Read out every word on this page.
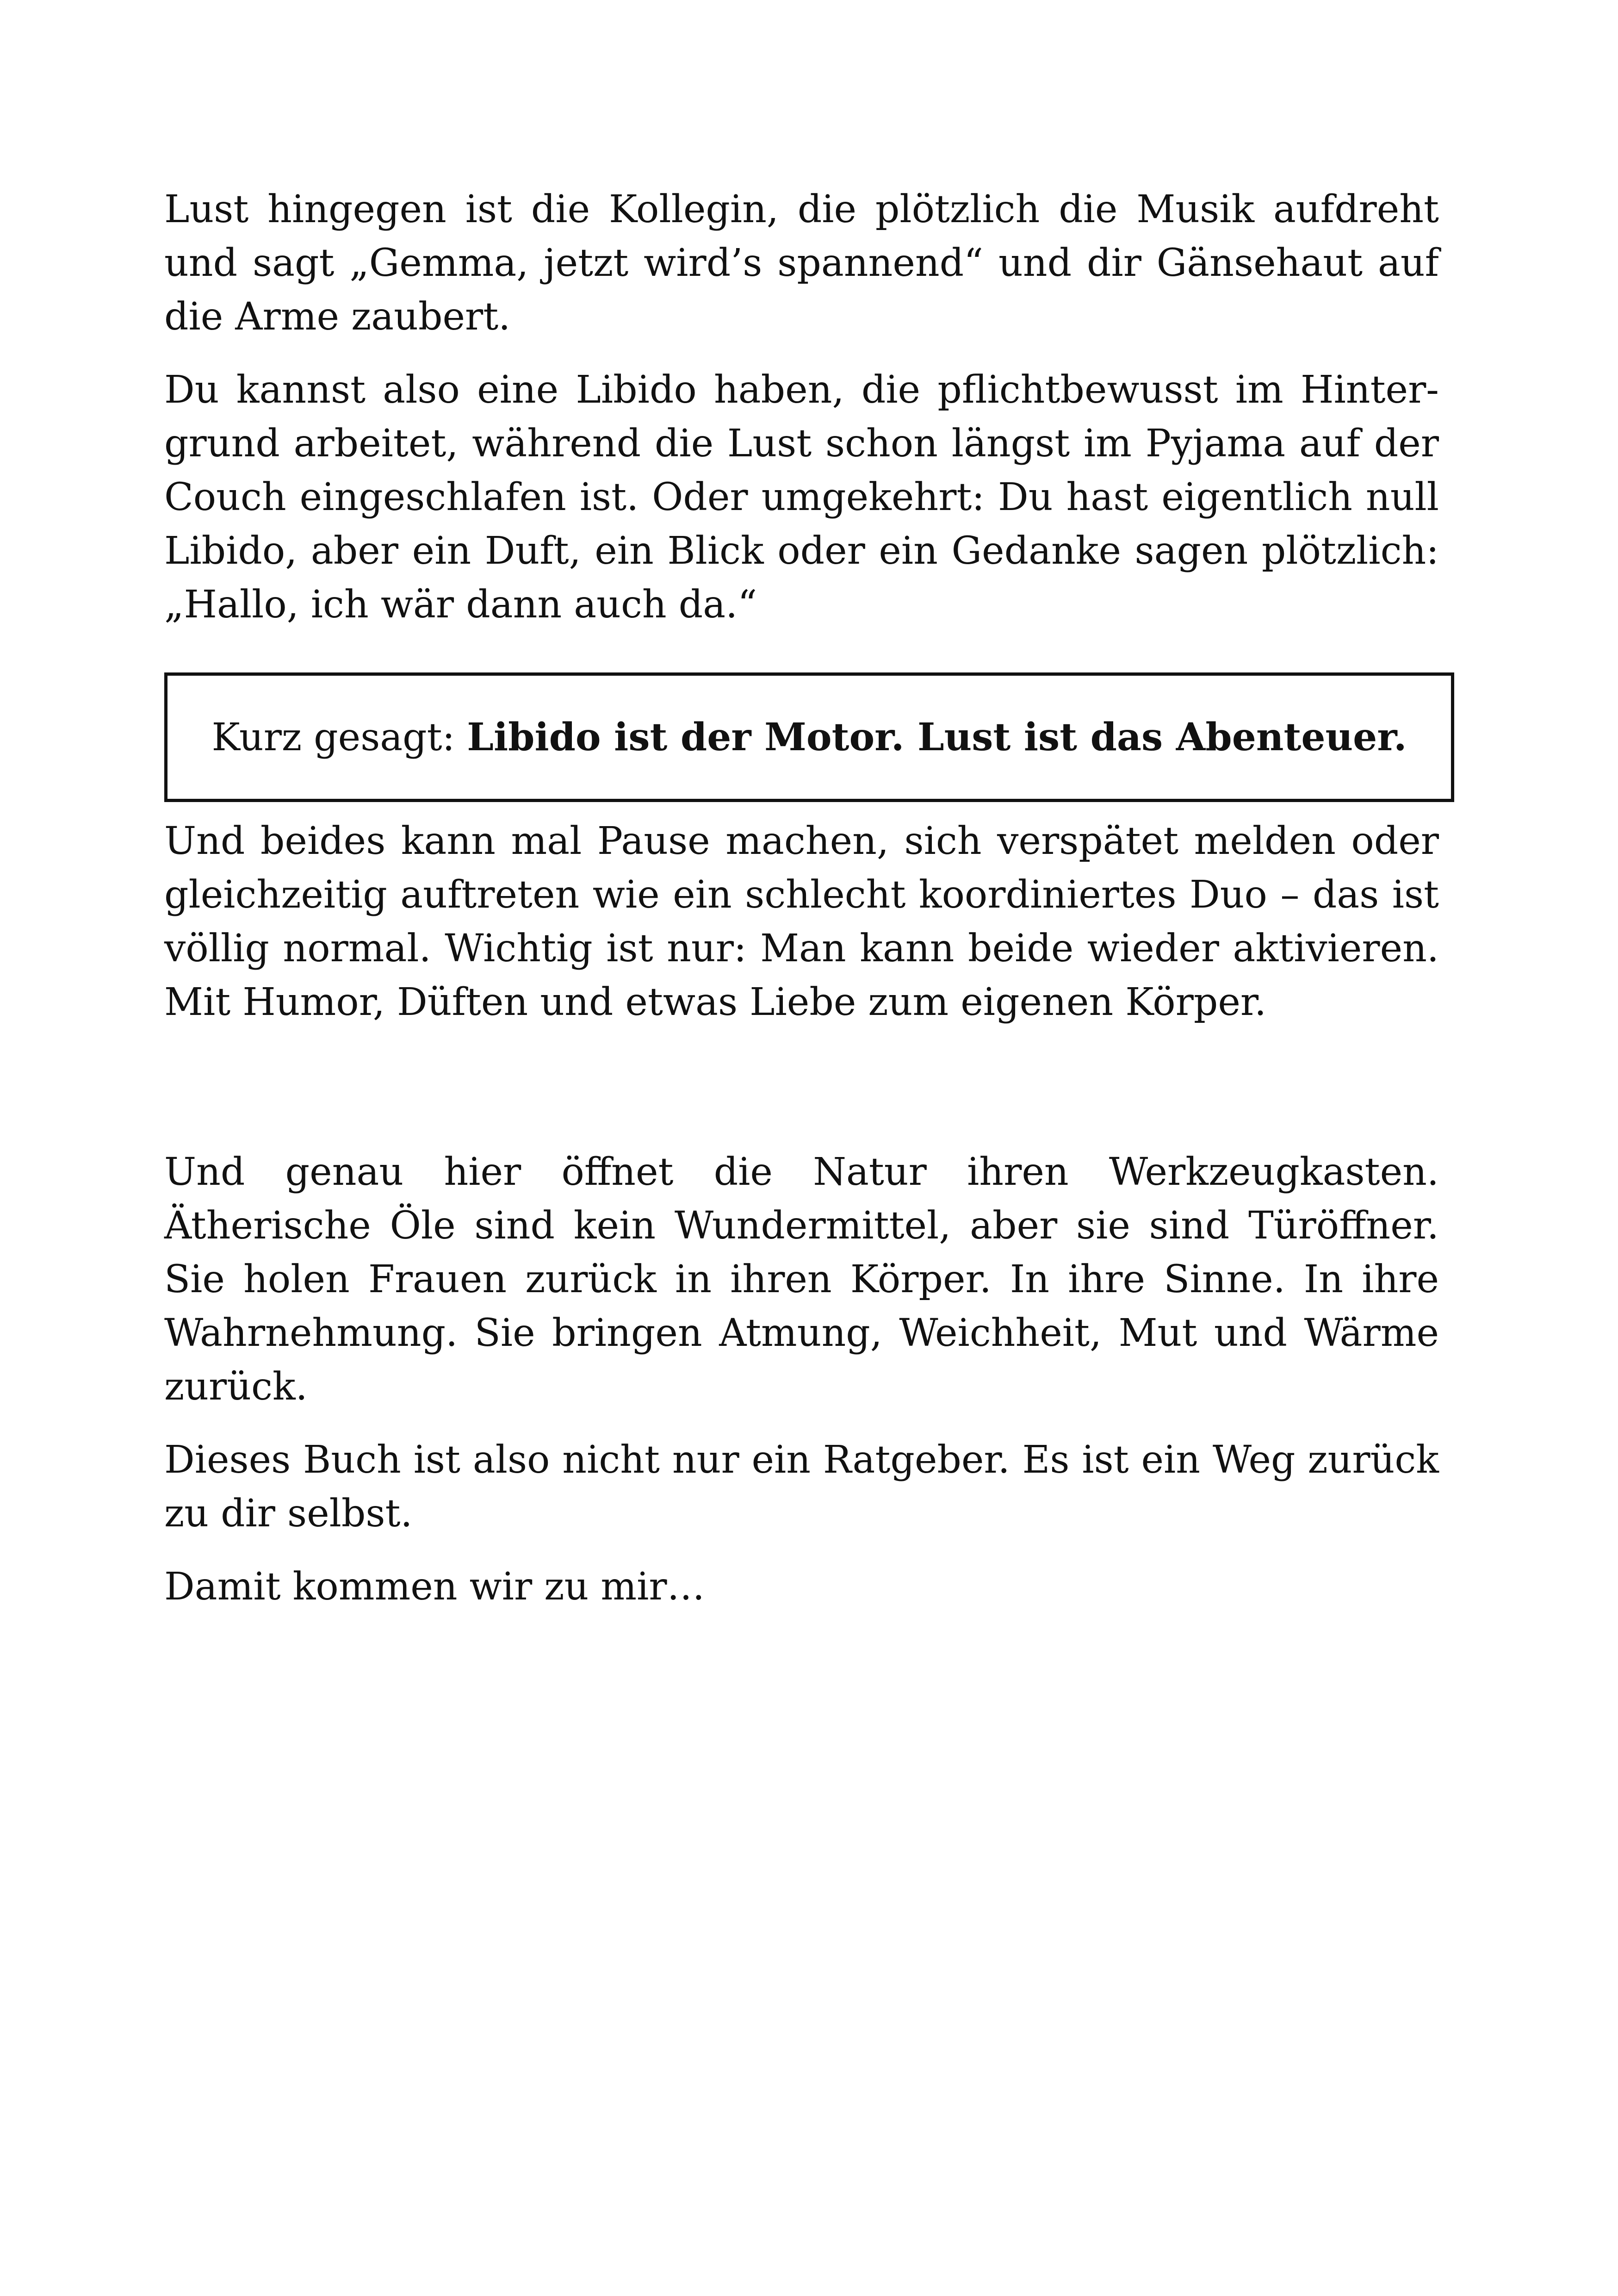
Lust hingegen ist die Kollegin, die plötzlich die Musik aufdreht und sagt „Gemma, jetzt wird’s spannend“ und dir Gänsehaut auf die Arme zaubert.

Du kannst also eine Libido haben, die pflichtbewusst im Hintergrund arbeitet, während die Lust schon längst im Pyjama auf der Couch eingeschlafen ist. Oder umgekehrt: Du hast eigentlich null Libido, aber ein Duft, ein Blick oder ein Gedanke sagen plötzlich: „Hallo, ich wär dann auch da.“

Kurz gesagt: Libido ist der Motor. Lust ist das Abenteuer.

Und beides kann mal Pause machen, sich verspätet melden oder gleichzeitig auftreten wie ein schlecht koordiniertes Duo – das ist völlig normal. Wichtig ist nur: Man kann beide wieder aktivieren. Mit Humor, Düften und etwas Liebe zum eigenen Körper.

Und genau hier öffnet die Natur ihren Werkzeugkasten. Ätherische Öle sind kein Wundermittel, aber sie sind Türöffner. Sie holen Frauen zurück in ihren Körper. In ihre Sinne. In ihre Wahrnehmung. Sie bringen Atmung, Weichheit, Mut und Wärme zurück.

Dieses Buch ist also nicht nur ein Ratgeber. Es ist ein Weg zurück zu dir selbst.

Damit kommen wir zu mir…
